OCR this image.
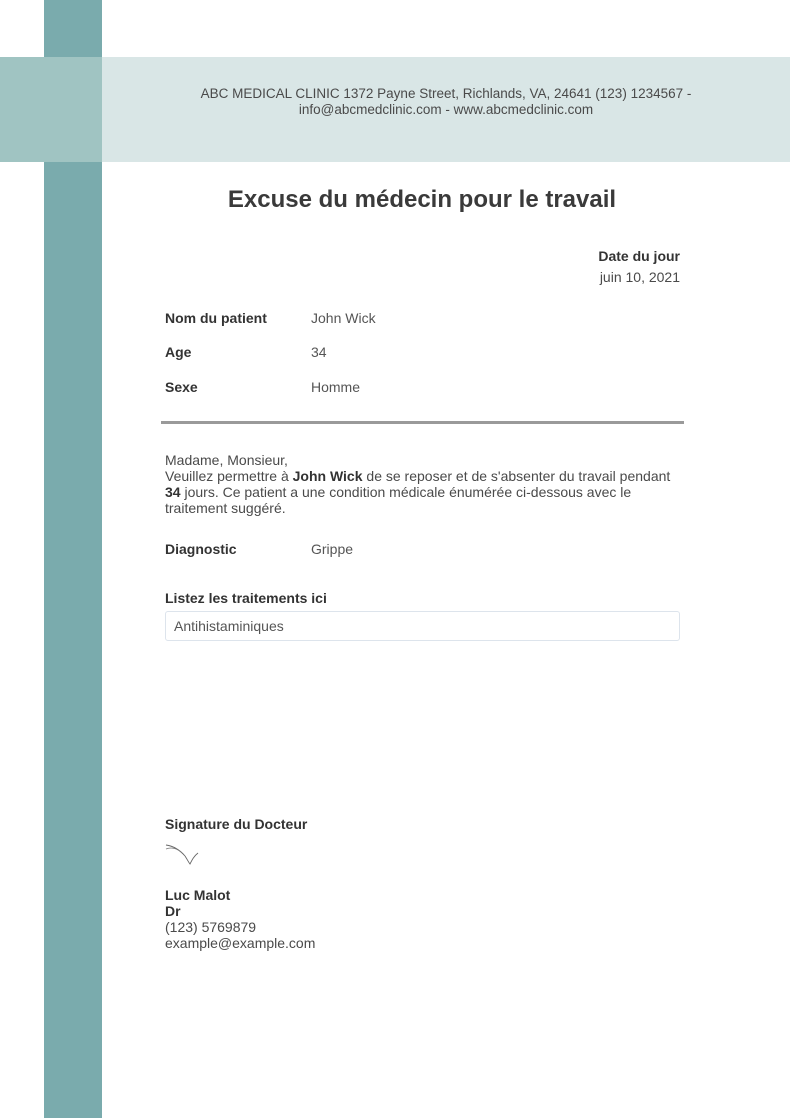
ABC MEDICAL CLINIC 1372 Payne Street, Richlands, VA, 24641 (123) 1234567 -
info@abcmedclinic.com - www.abcmedclinic.com
Excuse du médecin pour le travail
Date du jour
juin 10, 2021
Nom du patient	John Wick
Age	34
Sexe	Homme
Madame, Monsieur,
Veuillez permettre à John Wick de se reposer et de s'absenter du travail pendant 34 jours. Ce patient a une condition médicale énumérée ci-dessous avec le traitement suggéré.
Diagnostic	Grippe
Listez les traitements ici
Antihistaminiques
Signature du Docteur
Luc Malot
Dr
(123) 5769879
example@example.com
